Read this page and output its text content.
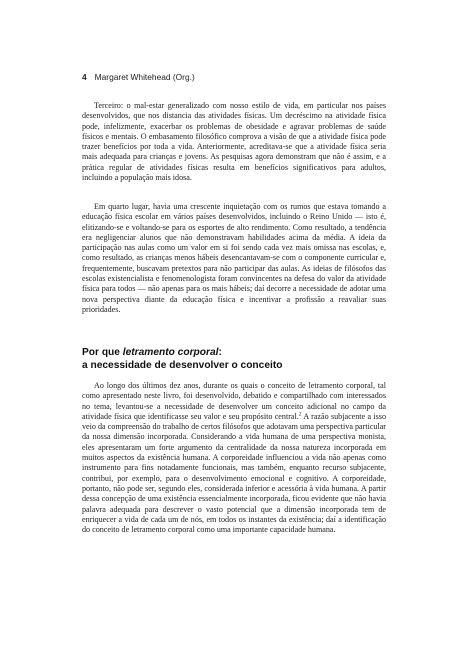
4 Margaret Whitehead (Org.)

Terceiro: o mal-estar generalizado com nosso estilo de vida, em particular nos países desenvolvidos, que nos distancia das atividades físicas. Um decréscimo na atividade física pode, infelizmente, exacerbar os problemas de obesidade e agravar problemas de saúde físicos e mentais. O embasamento filosófico comprova a visão de que a atividade física pode trazer benefícios por toda a vida. Anteriormente, acreditava-se que a atividade física seria mais adequada para crianças e jovens. As pesquisas agora demonstram que não é assim, e a prática regular de atividades físicas resulta em benefícios significativos para adultos, incluindo a população mais idosa.

Em quarto lugar, havia uma crescente inquietação com os rumos que estava tomando a educação física escolar em vários países desenvolvidos, incluindo o Reino Unido — isto é, elitizando-se e voltando-se para os esportes de alto rendimento. Como resultado, a tendência era negligenciar alunos que não demonstravam habilidades acima da média. A ideia da participação nas aulas como um valor em si foi sendo cada vez mais omissa nas escolas, e, como resultado, as crianças menos hábeis desencantavam-se com o componente curricular e, frequentemente, buscavam pretextos para não participar das aulas. As ideias de filósofos das escolas existencialista e fenomenologista foram convincentes na defesa do valor da atividade física para todos — não apenas para os mais hábeis; daí decorre a necessidade de adotar uma nova perspectiva diante da educação física e incentivar a profissão a reavaliar suas prioridades.

Por que letramento corporal:
a necessidade de desenvolver o conceito

Ao longo dos últimos dez anos, durante os quais o conceito de letramento corporal, tal como apresentado neste livro, foi desenvolvido, debatido e compartilhado com interessados no tema, levantou-se a necessidade de desenvolver um conceito adicional no campo da atividade física que identificasse seu valor e seu propósito central.$^2$ A razão subjacente a isso veio da compreensão do trabalho de certos filósofos que adotavam uma perspectiva particular da nossa dimensão incorporada. Considerando a vida humana de uma perspectiva monista, eles apresentaram um forte argumento da centralidade da nossa natureza incorporada em muitos aspectos da existência humana. A corporeidade influenciou a vida não apenas como instrumento para fins notadamente funcionais, mas também, enquanto recurso subjacente, contribui, por exemplo, para o desenvolvimento emocional e cognitivo. A corporeidade, portanto, não pode ser, segundo eles, considerada inferior e acessória à vida humana. A partir dessa concepção de uma existência essencialmente incorporada, ficou evidente que não havia palavra adequada para descrever o vasto potencial que a dimensão incorporada tem de enriquecer a vida de cada um de nós, em todos os instantes da existência; daí a identificação do conceito de letramento corporal como uma importante capacidade humana.
